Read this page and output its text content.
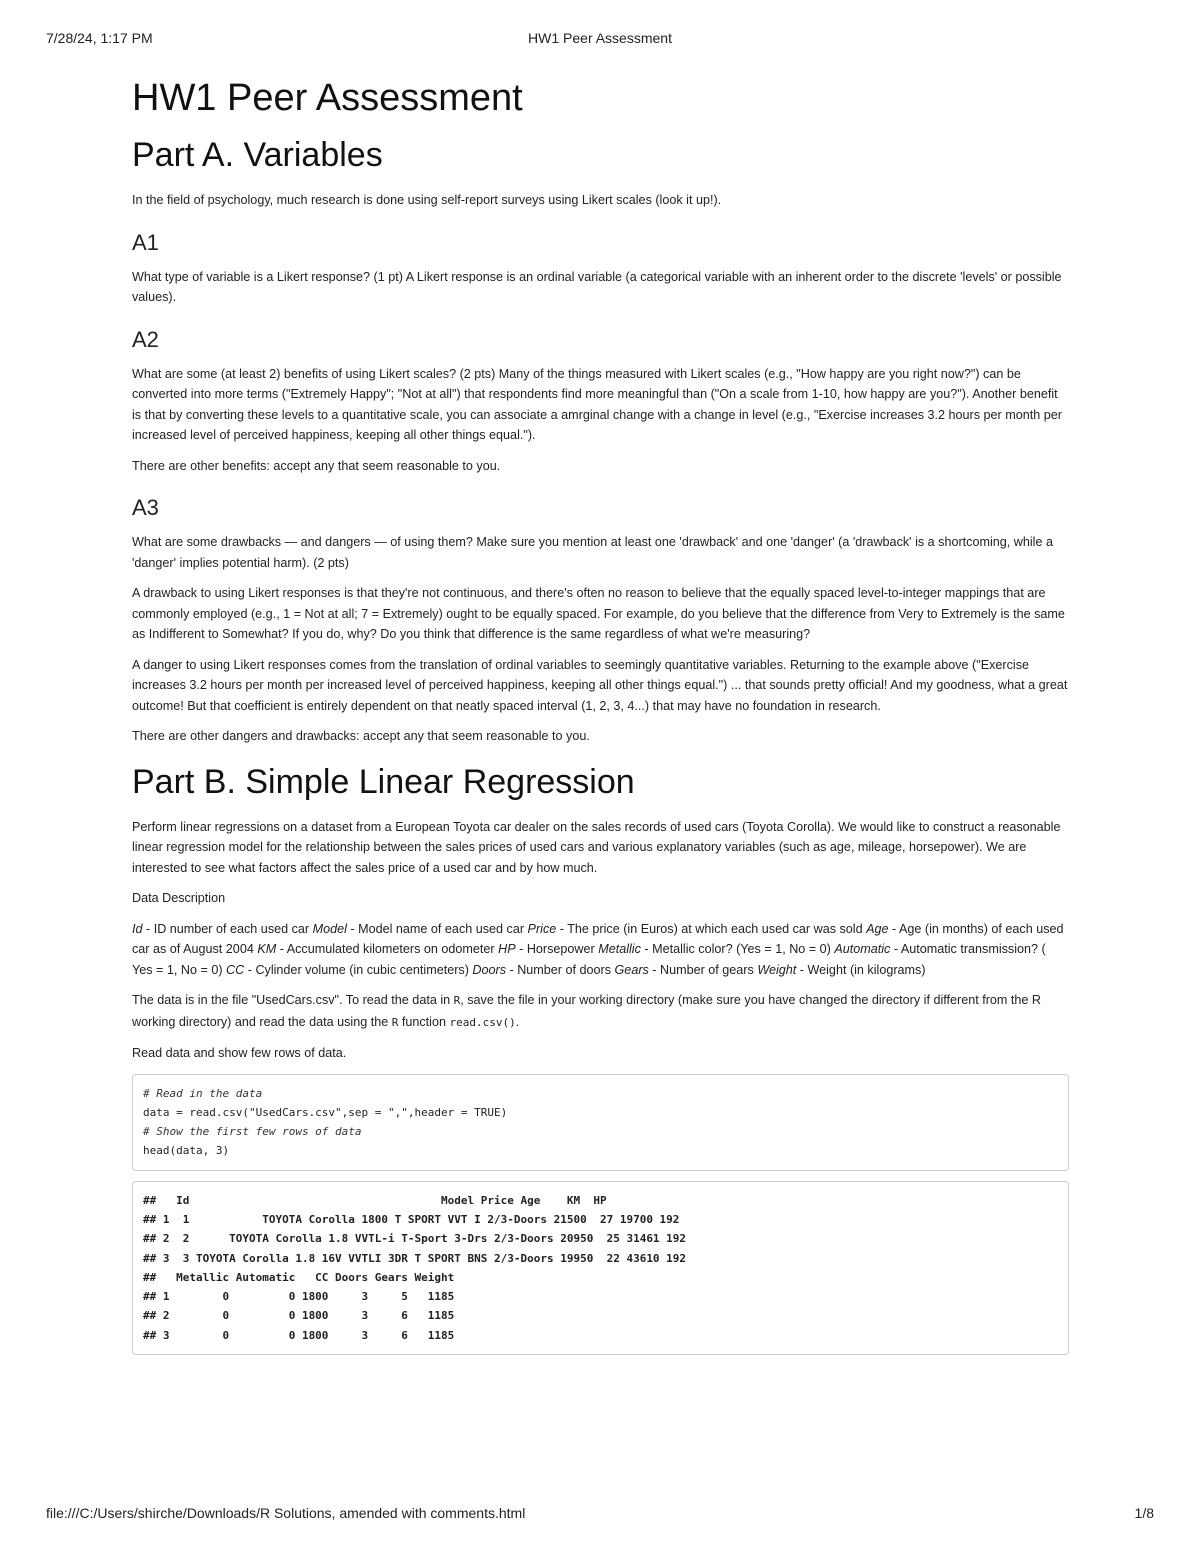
7/28/24, 1:17 PM	HW1 Peer Assessment
HW1 Peer Assessment
Part A. Variables

In the field of psychology, much research is done using self-report surveys using Likert scales (look it up!).

A1

What type of variable is a Likert response? (1 pt) A Likert response is an ordinal variable (a categorical variable with an inherent order to the discrete 'levels' or possible values).

A2

What are some (at least 2) benefits of using Likert scales? (2 pts) Many of the things measured with Likert scales (e.g., "How happy are you right now?") can be converted into more terms ("Extremely Happy"; "Not at all") that respondents find more meaningful than ("On a scale from 1-10, how happy are you?"). Another benefit is that by converting these levels to a quantitative scale, you can associate a amrginal change with a change in level (e.g., "Exercise increases 3.2 hours per month per increased level of perceived happiness, keeping all other things equal.").

There are other benefits: accept any that seem reasonable to you.

A3

What are some drawbacks — and dangers — of using them? Make sure you mention at least one 'drawback' and one 'danger' (a 'drawback' is a shortcoming, while a 'danger' implies potential harm). (2 pts)

A drawback to using Likert responses is that they're not continuous, and there's often no reason to believe that the equally spaced level-to-integer mappings that are commonly employed (e.g., 1 = Not at all; 7 = Extremely) ought to be equally spaced. For example, do you believe that the difference from Very to Extremely is the same as Indifferent to Somewhat? If you do, why? Do you think that difference is the same regardless of what we're measuring?

A danger to using Likert responses comes from the translation of ordinal variables to seemingly quantitative variables. Returning to the example above ("Exercise increases 3.2 hours per month per increased level of perceived happiness, keeping all other things equal.") ... that sounds pretty official! And my goodness, what a great outcome! But that coefficient is entirely dependent on that neatly spaced interval (1, 2, 3, 4...) that may have no foundation in research.

There are other dangers and drawbacks: accept any that seem reasonable to you.

Part B. Simple Linear Regression

Perform linear regressions on a dataset from a European Toyota car dealer on the sales records of used cars (Toyota Corolla). We would like to construct a reasonable linear regression model for the relationship between the sales prices of used cars and various explanatory variables (such as age, mileage, horsepower). We are interested to see what factors affect the sales price of a used car and by how much.

Data Description

Id - ID number of each used car Model - Model name of each used car Price - The price (in Euros) at which each used car was sold Age - Age (in months) of each used car as of August 2004 KM - Accumulated kilometers on odometer HP - Horsepower Metallic - Metallic color? (Yes = 1, No = 0) Automatic - Automatic transmission? ( Yes = 1, No = 0) CC - Cylinder volume (in cubic centimeters) Doors - Number of doors Gears - Number of gears Weight - Weight (in kilograms)

The data is in the file "UsedCars.csv". To read the data in R, save the file in your working directory (make sure you have changed the directory if different from the R working directory) and read the data using the R function read.csv().

Read data and show few rows of data.

# Read in the data
data = read.csv("UsedCars.csv",sep = ",",header = TRUE)
# Show the first few rows of data
head(data, 3)
##   Id                                      Model Price Age    KM  HP
## 1  1           TOYOTA Corolla 1800 T SPORT VVT I 2/3-Doors 21500  27 19700 192
## 2  2      TOYOTA Corolla 1.8 VVTL-i T-Sport 3-Drs 2/3-Doors 20950  25 31461 192
## 3  3 TOYOTA Corolla 1.8 16V VVTLI 3DR T SPORT BNS 2/3-Doors 19950  22 43610 192
##   Metallic Automatic   CC Doors Gears Weight
## 1        0         0 1800     3     5   1185
## 2        0         0 1800     3     6   1185
## 3        0         0 1800     3     6   1185
file:///C:/Users/shirche/Downloads/R Solutions, amended with comments.html	1/8
